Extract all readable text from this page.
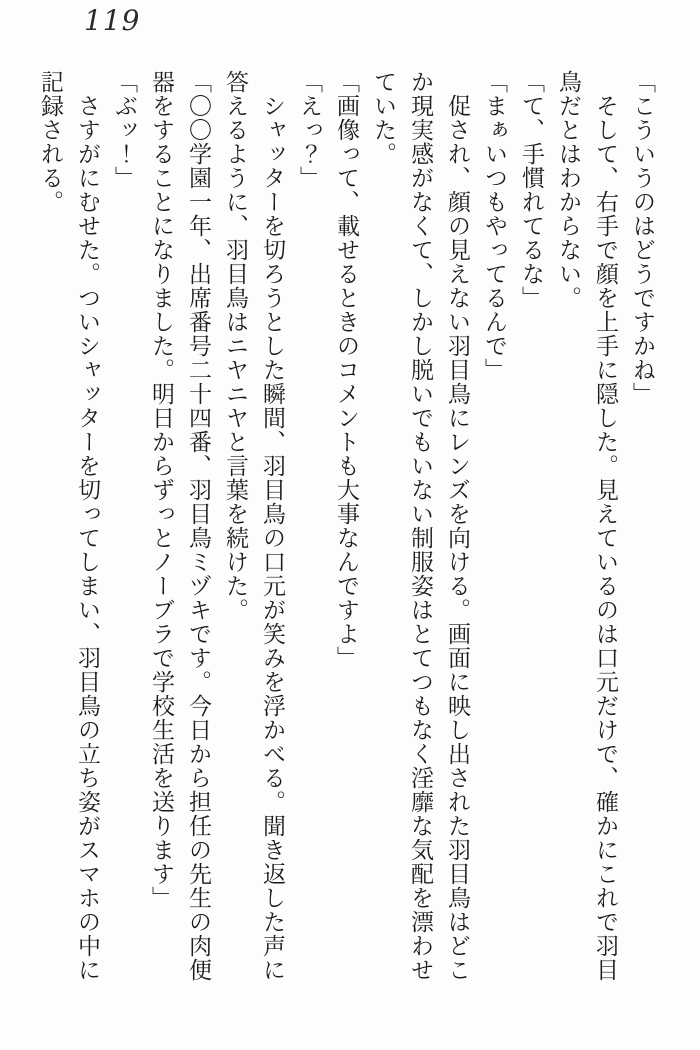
119
「こういうのはどうですかね」
　そして、右手で顔を上手に隠した。見えているのは口元だけで、確かにこれで羽目
鳥だとはわからない。
「て、手慣れてるな」
「まぁいつもやってるんで」
　促され、顔の見えない羽目鳥にレンズを向ける。画面に映し出された羽目鳥はどこ
か現実感がなくて、しかし脱いでもいない制服姿はとてつもなく淫靡な気配を漂わせ
ていた。
「画像って、載せるときのコメントも大事なんですよ」
「えっ？」
　シャッターを切ろうとした瞬間、羽目鳥の口元が笑みを浮かべる。聞き返した声に
答えるように、羽目鳥はニヤニヤと言葉を続けた。
「〇〇学園一年、出席番号二十四番、羽目鳥ミヅキです。今日から担任の先生の肉便
器をすることになりました。明日からずっとノーブラで学校生活を送ります」
「ぶッ！」
　さすがにむせた。ついシャッターを切ってしまい、羽目鳥の立ち姿がスマホの中に
記録される。
